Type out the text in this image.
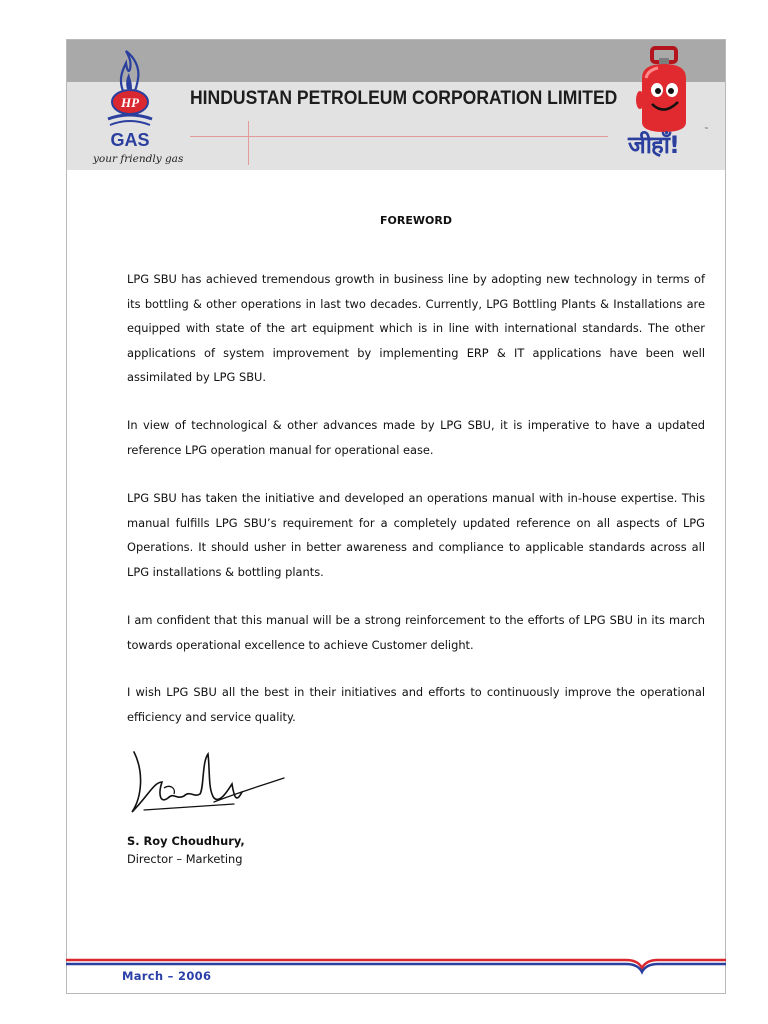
LPG OPERATIONS MANUAL
HINDUSTAN PETROLEUM CORPORATION LIMITED
HP
GAS
your friendly gas	जीहाँ!
™
FOREWORD

LPG SBU has achieved tremendous growth in business line by adopting new technology in terms of its bottling & other operations in last two decades. Currently, LPG Bottling Plants & Installations are equipped with state of the art equipment which is in line with international standards. The other applications of system improvement by implementing ERP & IT applications have been well assimilated by LPG SBU.

In view of technological & other advances made by LPG SBU, it is imperative to have a updated reference LPG operation manual for operational ease.

LPG SBU has taken the initiative and developed an operations manual with in-house expertise. This manual fulfills LPG SBU’s requirement for a completely updated reference on all aspects of LPG Operations. It should usher in better awareness and compliance to applicable standards across all LPG installations & bottling plants.

I am confident that this manual will be a strong reinforcement to the efforts of LPG SBU in its march towards operational excellence to achieve Customer delight.

I wish LPG SBU all the best in their initiatives and efforts to continuously improve the operational efficiency and service quality.

S. Roy Choudhury,
Director – Marketing
March – 2006
